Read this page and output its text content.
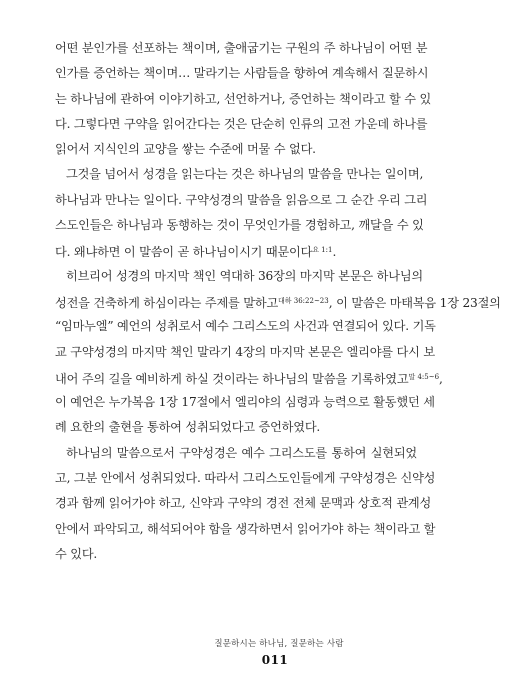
어떤 분인가를 선포하는 책이며, 출애굽기는 구원의 주 하나님이 어떤 분
인가를 증언하는 책이며… 말라기는 사람들을 향하여 계속해서 질문하시
는 하나님에 관하여 이야기하고, 선언하거나, 증언하는 책이라고 할 수 있
다. 그렇다면 구약을 읽어간다는 것은 단순히 인류의 고전 가운데 하나를
읽어서 지식인의 교양을 쌓는 수준에 머물 수 없다.
그것을 넘어서 성경을 읽는다는 것은 하나님의 말씀을 만나는 일이며,
하나님과 만나는 일이다. 구약성경의 말씀을 읽음으로 그 순간 우리 그리
스도인들은 하나님과 동행하는 것이 무엇인가를 경험하고, 깨달을 수 있
다. 왜냐하면 이 말씀이 곧 하나님이시기 때문이다$^{요 1:1}$.
히브리어 성경의 마지막 책인 역대하 36장의 마지막 본문은 하나님의
성전을 건축하게 하심이라는 주제를 말하고$^{대하 36:22\sim 23}$, 이 말씀은 마태복음 1장 23절의
“임마누엘” 예언의 성취로서 예수 그리스도의 사건과 연결되어 있다. 기독
교 구약성경의 마지막 책인 말라기 4장의 마지막 본문은 엘리야를 다시 보
내어 주의 길을 예비하게 하실 것이라는 하나님의 말씀을 기록하였고$^{말 4:5\sim 6}$,
이 예언은 누가복음 1장 17절에서 엘리야의 심령과 능력으로 활동했던 세
례 요한의 출현을 통하여 성취되었다고 증언하였다.
하나님의 말씀으로서 구약성경은 예수 그리스도를 통하여 실현되었
고, 그분 안에서 성취되었다. 따라서 그리스도인들에게 구약성경은 신약성
경과 함께 읽어가야 하고, 신약과 구약의 경전 전체 문맥과 상호적 관계성
안에서 파악되고, 해석되어야 함을 생각하면서 읽어가야 하는 책이라고 할
수 있다.
질문하시는 하나님, 질문하는 사람
011
